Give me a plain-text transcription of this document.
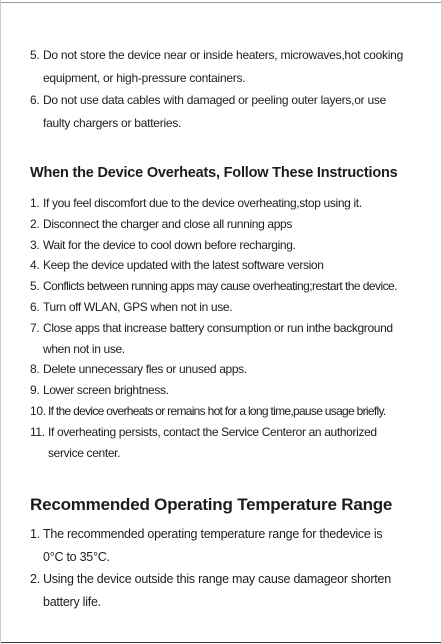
5. Do not store the device near or inside heaters, microwaves,hot cooking
equipment, or high-pressure containers.
6. Do not use data cables with damaged or peeling outer layers,or use
faulty chargers or batteries.
When the Device Overheats, Follow These Instructions
1. If you feel discomfort due to the device overheating,stop using it.
2. Disconnect the charger and close all running apps
3. Wait for the device to cool down before recharging.
4. Keep the device updated with the latest software version
5. Conflicts between running apps may cause overheating;restart the device.
6. Turn off WLAN, GPS when not in use.
7. Close apps that increase battery consumption or run inthe background
when not in use.
8. Delete unnecessary fles or unused apps.
9. Lower screen brightness.
10. If the device overheats or remains hot for a long time,pause usage briefly.
11. If overheating persists, contact the Service Centeror an authorized
service center.
Recommended Operating Temperature Range
1. The recommended operating temperature range for thedevice is
0°C to 35°C.
2. Using the device outside this range may cause damageor shorten
battery life.
